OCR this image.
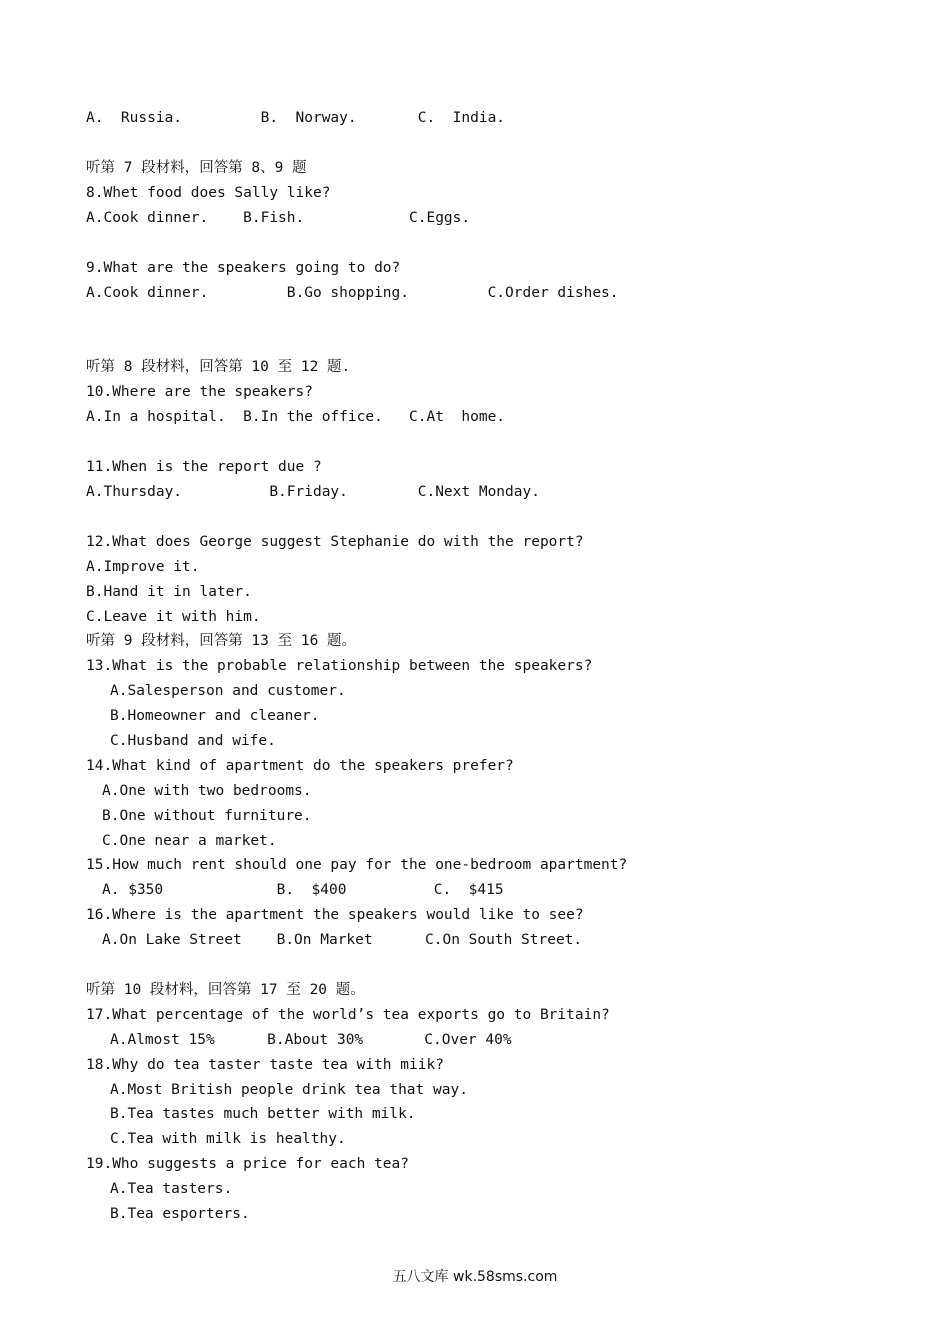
A.  Russia.         B.  Norway.       C.  India.
听第 7 段材料，回答第 8、9 题
8.Whet food does Sally like?
A.Cook dinner.    B.Fish.            C.Eggs.
9.What are the speakers going to do?
A.Cook dinner.         B.Go shopping.         C.Order dishes.
听第 8 段材料，回答第 10 至 12 题.
10.Where are the speakers?
A.In a hospital.  B.In the office.   C.At  home.
11.When is the report due ?
A.Thursday.          B.Friday.        C.Next Monday.
12.What does George suggest Stephanie do with the report?
A.Improve it.
B.Hand it in later.
C.Leave it with him.
听第 9 段材料，回答第 13 至 16 题。
13.What is the probable relationship between the speakers?
A.Salesperson and customer.
B.Homeowner and cleaner.
C.Husband and wife.
14.What kind of apartment do the speakers prefer?
A.One with two bedrooms.
B.One without furniture.
C.One near a market.
15.How much rent should one pay for the one-bedroom apartment?
A. $350             B.  $400          C.  $415
16.Where is the apartment the speakers would like to see?
A.On Lake Street    B.On Market      C.On South Street.
听第 10 段材料，回答第 17 至 20 题。
17.What percentage of the world’s tea exports go to Britain?
A.Almost 15%      B.About 30%       C.Over 40%
18.Why do tea taster taste tea with miik?
A.Most British people drink tea that way.
B.Tea tastes much better with milk.
C.Tea with milk is healthy.
19.Who suggests a price for each tea?
A.Tea tasters.
B.Tea esporters.
五八文库 wk.58sms.com
